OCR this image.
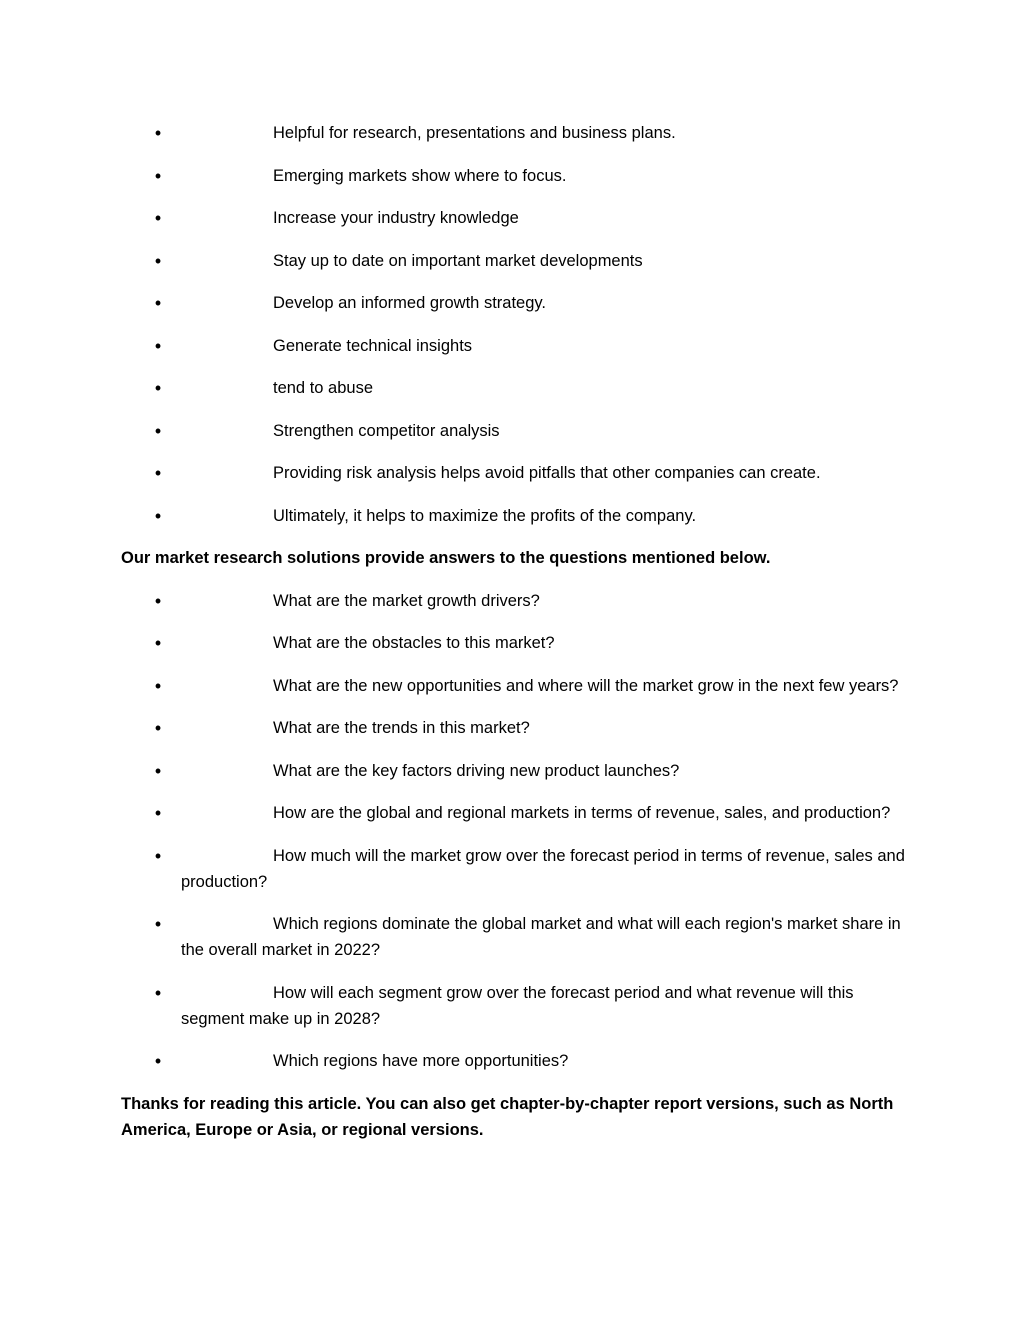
•	Helpful for research, presentations and business plans.
•	Emerging markets show where to focus.
•	Increase your industry knowledge
•	Stay up to date on important market developments
•	Develop an informed growth strategy.
•	Generate technical insights
•	tend to abuse
•	Strengthen competitor analysis
•	Providing risk analysis helps avoid pitfalls that other companies can create.
•	Ultimately, it helps to maximize the profits of the company.

Our market research solutions provide answers to the questions mentioned below.

•	What are the market growth drivers?
•	What are the obstacles to this market?
•	What are the new opportunities and where will the market grow in the next few years?
•	What are the trends in this market?
•	What are the key factors driving new product launches?
•	How are the global and regional markets in terms of revenue, sales, and production?
•	How much will the market grow over the forecast period in terms of revenue, sales and production?
•	Which regions dominate the global market and what will each region's market share in the overall market in 2022?
•	How will each segment grow over the forecast period and what revenue will this segment make up in 2028?
•	Which regions have more opportunities?

Thanks for reading this article. You can also get chapter-by-chapter report versions, such as North America, Europe or Asia, or regional versions.
